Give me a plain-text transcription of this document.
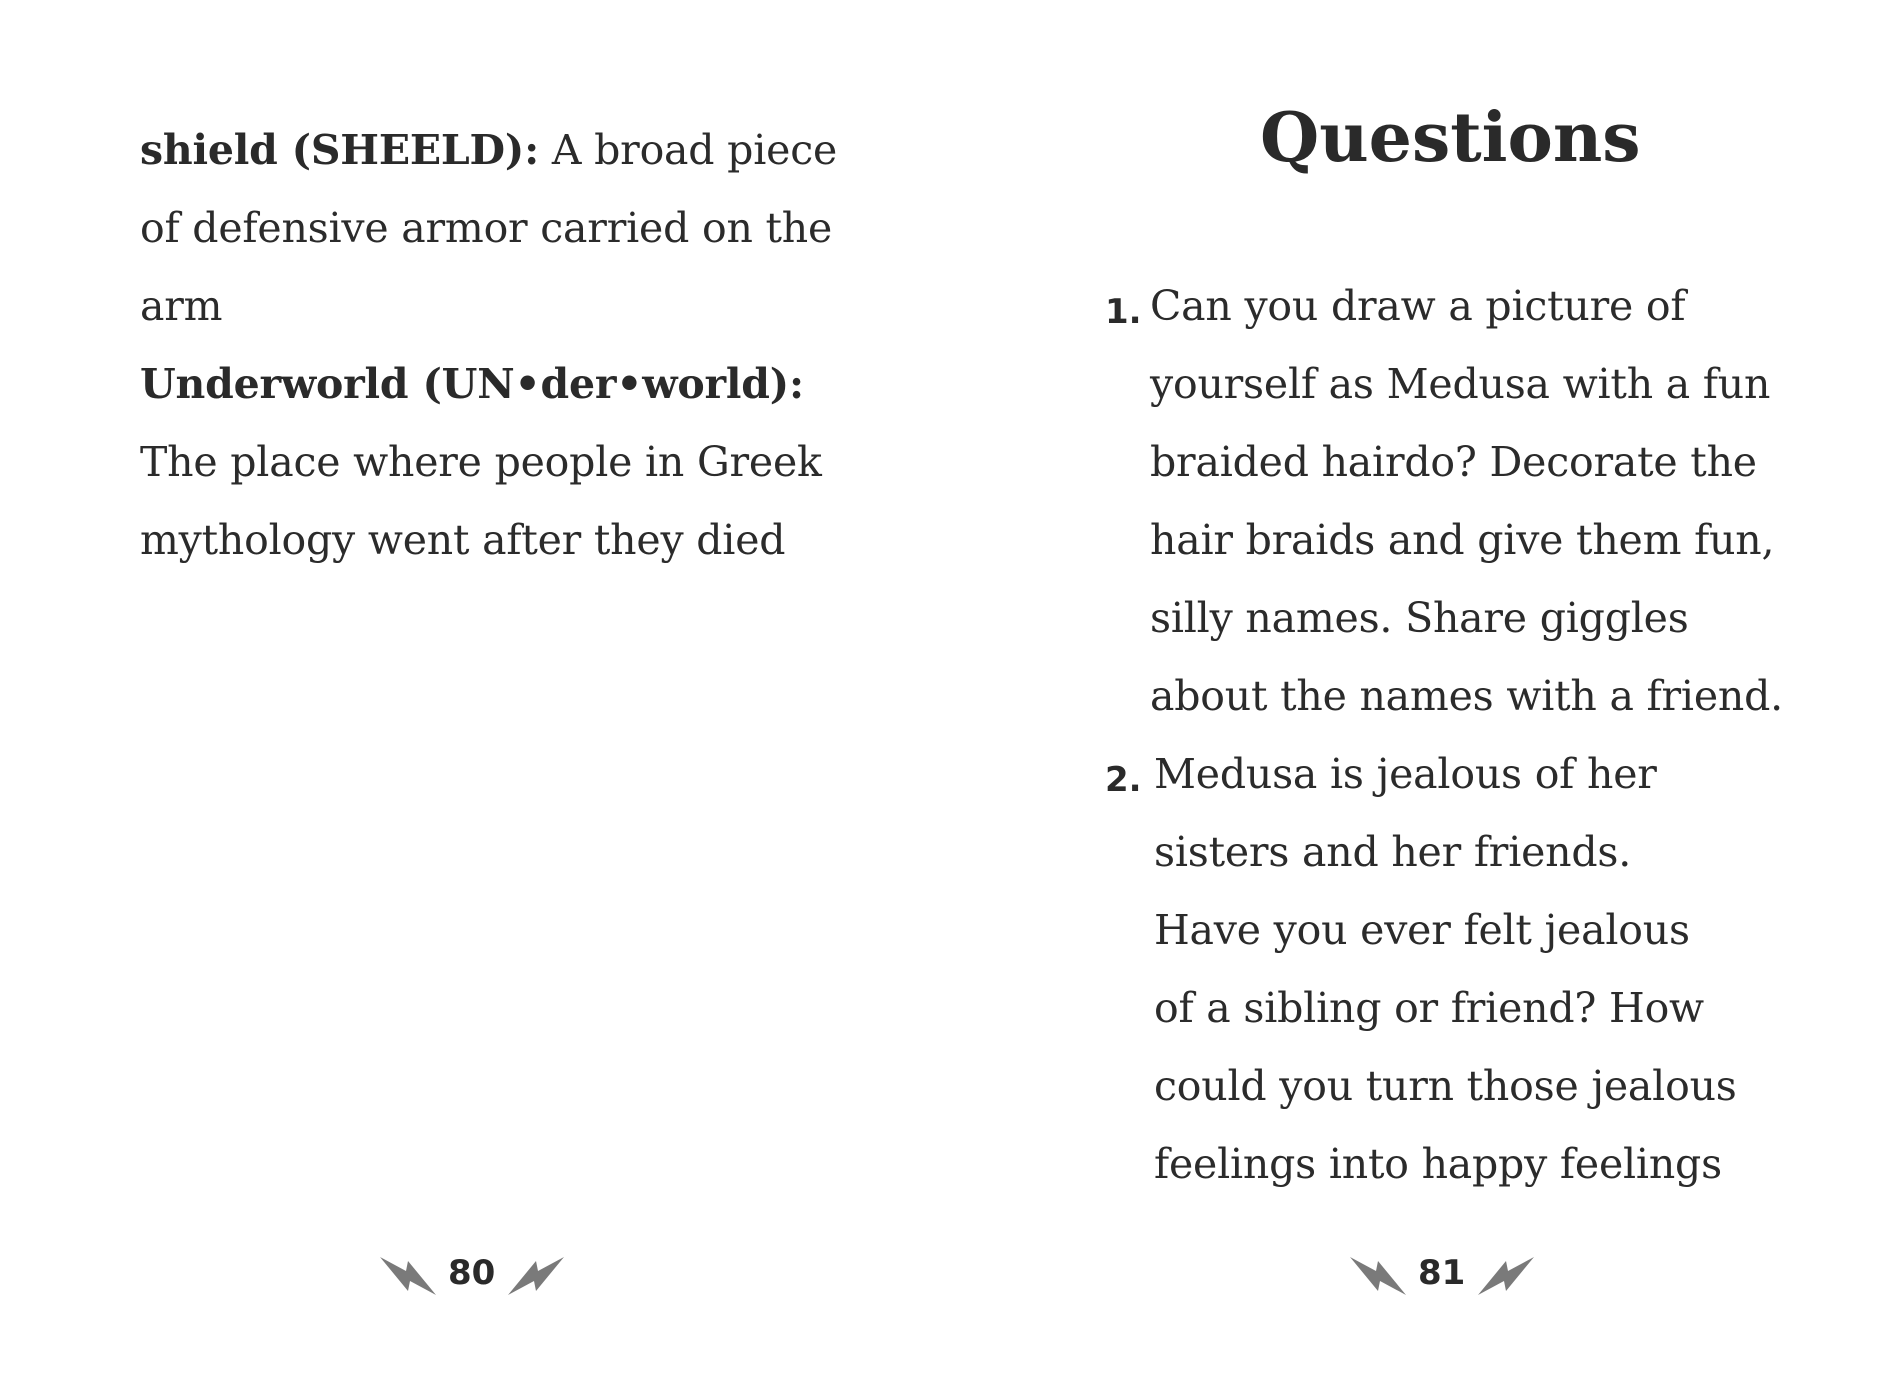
shield (SHEELD): A broad piece
of defensive armor carried on the
arm
Underworld (UN•der•world):
The place where people in Greek
mythology went after they died
80
Questions
1. Can you draw a picture of
yourself as Medusa with a fun
braided hairdo? Decorate the
hair braids and give them fun,
silly names. Share giggles
about the names with a friend.
2. Medusa is jealous of her
sisters and her friends.
Have you ever felt jealous
of a sibling or friend? How
could you turn those jealous
feelings into happy feelings
81
